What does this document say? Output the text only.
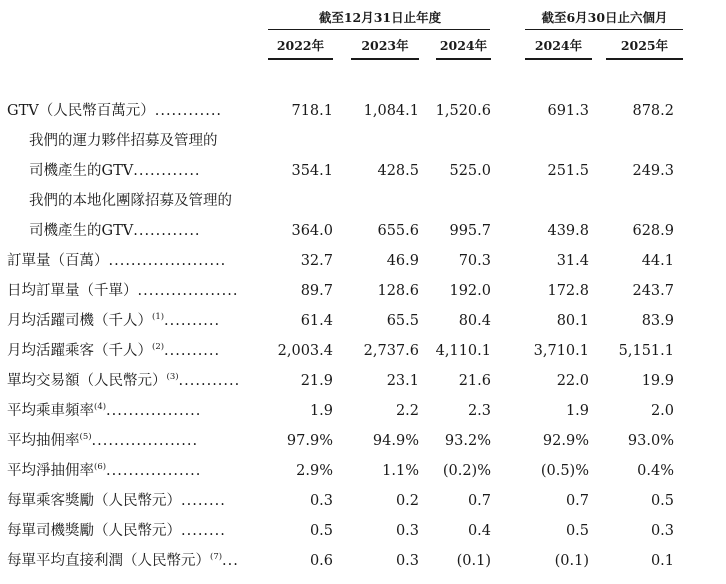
截至12月31日止年度	截至6月30日止六個月
2022年	2023年	2024年	2024年	2025年
GTV（人民幣百萬元）............	718.1	1,084.1	1,520.6	691.3	878.2
我們的運力夥伴招募及管理的
司機產生的GTV............	354.1	428.5	525.0	251.5	249.3
我們的本地化團隊招募及管理的
司機產生的GTV............	364.0	655.6	995.7	439.8	628.9
訂單量（百萬）.....................	32.7	46.9	70.3	31.4	44.1
日均訂單量（千單）..................	89.7	128.6	192.0	172.8	243.7
月均活躍司機（千人）$^{(1)}$..........	61.4	65.5	80.4	80.1	83.9
月均活躍乘客（千人）$^{(2)}$..........	2,003.4	2,737.6	4,110.1	3,710.1	5,151.1
單均交易額（人民幣元）$^{(3)}$...........	21.9	23.1	21.6	22.0	19.9
平均乘車頻率$^{(4)}$.................	1.9	2.2	2.3	1.9	2.0
平均抽佣率$^{(5)}$...................	97.9%	94.9%	93.2%	92.9%	93.0%
平均淨抽佣率$^{(6)}$.................	2.9%	1.1%	(0.2)%	(0.5)%	0.4%
每單乘客獎勵（人民幣元）........	0.3	0.2	0.7	0.7	0.5
每單司機獎勵（人民幣元）........	0.5	0.3	0.4	0.5	0.3
每單平均直接利潤（人民幣元）$^{(7)}$...	0.6	0.3	(0.1)	(0.1)	0.1
